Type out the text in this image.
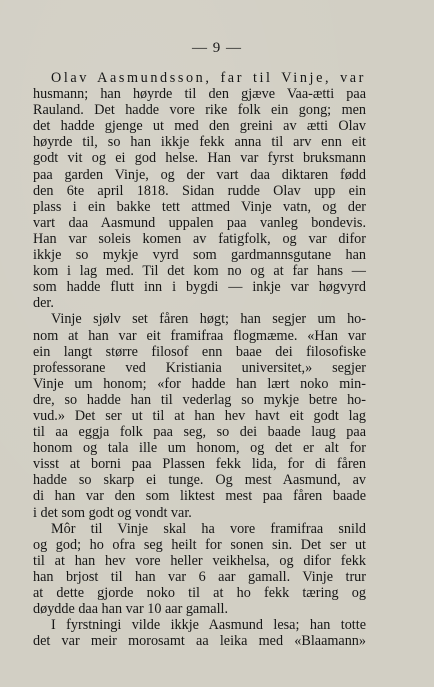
— 9 —
Olav Aasmundsson, far til Vinje, var
husmann; han høyrde til den gjæve Vaa-ætti paa
Rauland. Det hadde vore rike folk ein gong; men
det hadde gjenge ut med den greini av ætti Olav
høyrde til, so han ikkje fekk anna til arv enn eit
godt vit og ei god helse. Han var fyrst bruksmann
paa garden Vinje, og der vart daa diktaren fødd
den 6te april 1818. Sidan rudde Olav upp ein
plass i ein bakke tett attmed Vinje vatn, og der
vart daa Aasmund uppalen paa vanleg bondevis.
Han var soleis komen av fatigfolk, og var difor
ikkje so mykje vyrd som gardmannsgutane han
kom i lag med. Til det kom no og at far hans —
som hadde flutt inn i bygdi — inkje var høgvyrd
der.
Vinje sjølv set fåren høgt; han segjer um ho-
nom at han var eit framifraa flogmæme. «Han var
ein langt større filosof enn baae dei filosofiske
professorane ved Kristiania universitet,» segjer
Vinje um honom; «for hadde han lært noko min-
dre, so hadde han til vederlag so mykje betre ho-
vud.» Det ser ut til at han hev havt eit godt lag
til aa eggja folk paa seg, so dei baade laug paa
honom og tala ille um honom, og det er alt for
visst at borni paa Plassen fekk lida, for di fåren
hadde so skarp ei tunge. Og mest Aasmund, av
di han var den som liktest mest paa fåren baade
i det som godt og vondt var.
Môr til Vinje skal ha vore framifraa snild
og god; ho ofra seg heilt for sonen sin. Det ser ut
til at han hev vore heller veikhelsa, og difor fekk
han brjost til han var 6 aar gamall. Vinje trur
at dette gjorde noko til at ho fekk tæring og
døydde daa han var 10 aar gamall.
I fyrstningi vilde ikkje Aasmund lesa; han totte
det var meir morosamt aa leika med «Blaamann»
